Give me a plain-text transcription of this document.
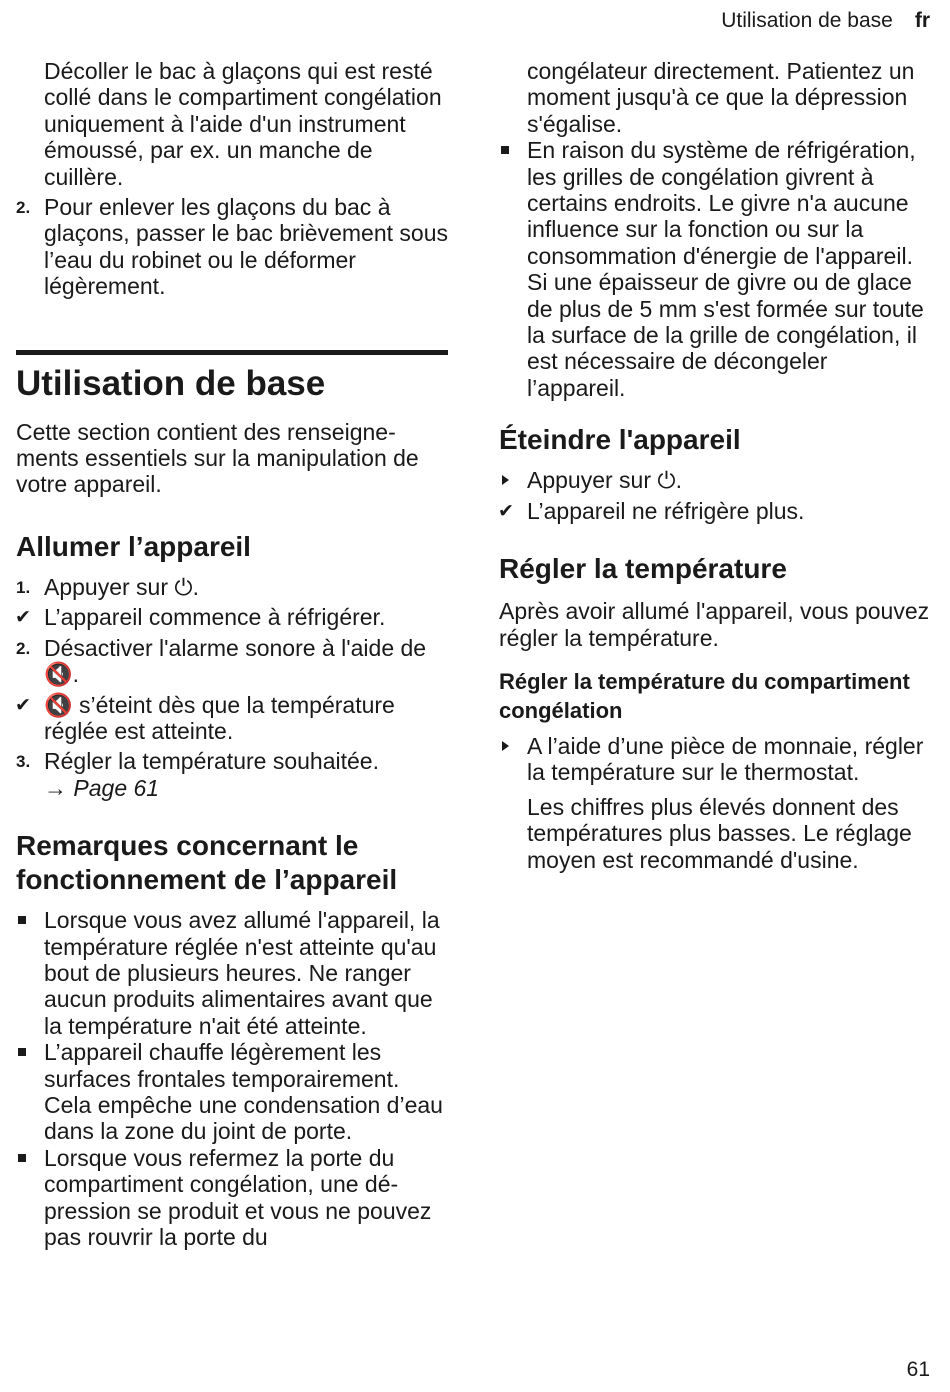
Utilisation de base fr

Décoller le bac à glaçons qui est resté collé dans le compartiment congélation uniquement à l'aide d'un instrument émoussé, par ex. un manche de cuillère.

2. Pour enlever les glaçons du bac à glaçons, passer le bac brièvement sous l’eau du robinet ou le déformer légèrement.
Utilisation de base

Cette section contient des renseignements essentiels sur la manipulation de votre appareil.

Allumer l’appareil
1. Appuyer sur ⏻.
✔ L’appareil commence à réfrigérer.
2. Désactiver l'alarme sonore à l'aide de 🔇.
✔ 🔇 s’éteint dès que la température réglée est atteinte.
3. Régler la température souhaitée.
→ Page 61
Remarques concernant le fonctionnement de l’appareil
Lorsque vous avez allumé l'appareil, la température réglée n'est atteinte qu'au bout de plusieurs heures. Ne ranger aucun produits alimentaires avant que la température n'ait été atteinte.
L’appareil chauffe légèrement les surfaces frontales temporairement. Cela empêche une condensation d’eau dans la zone du joint de porte.
Lorsque vous refermez la porte du compartiment congélation, une dépression se produit et vous ne pouvez pas rouvrir la porte du

congélateur directement. Patientez un moment jusqu'à ce que la dépression s'égalise.

En raison du système de réfrigération, les grilles de congélation givrent à certains endroits. Le givre n'a aucune influence sur la fonction ou sur la consommation d'énergie de l'appareil. Si une épaisseur de givre ou de glace de plus de 5 mm s'est formée sur toute la surface de la grille de congélation, il est nécessaire de décongeler l’appareil.
Éteindre l'appareil
Appuyer sur ⏻.
✔ L’appareil ne réfrigère plus.
Régler la température

Après avoir allumé l'appareil, vous pouvez régler la température.

Régler la température du compartiment congélation
A l’aide d’une pièce de monnaie, régler la température sur le thermostat.

Les chiffres plus élevés donnent des températures plus basses. Le réglage moyen est recommandé d'usine.

61
